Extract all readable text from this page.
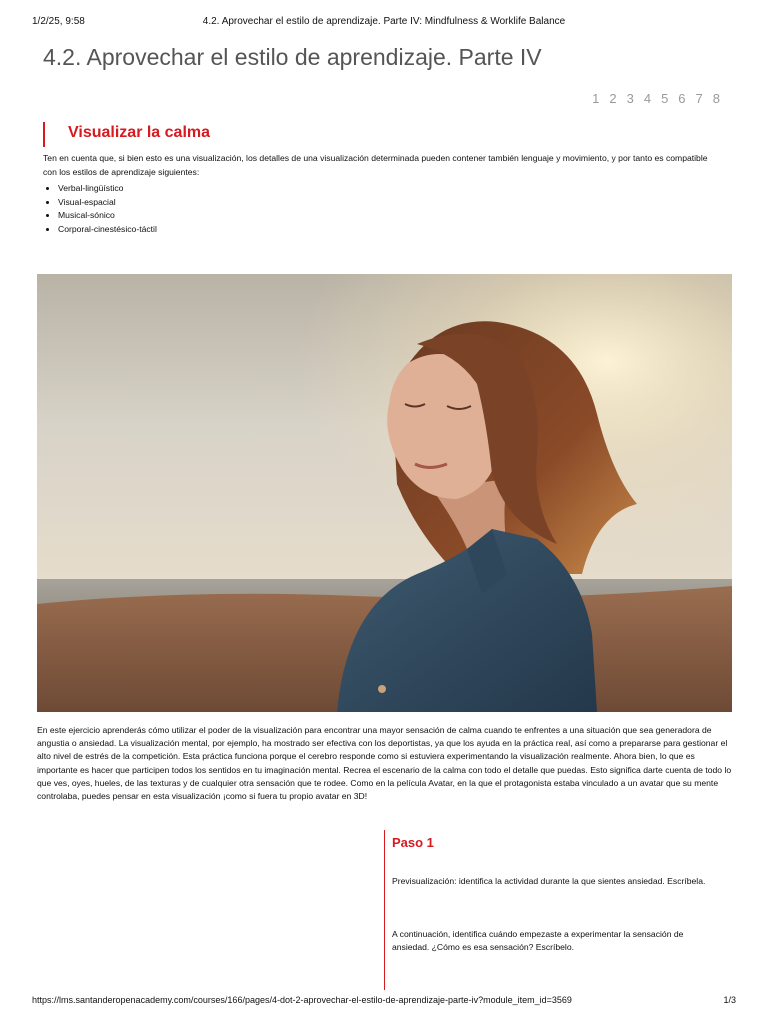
1/2/25, 9:58	4.2. Aprovechar el estilo de aprendizaje. Parte IV: Mindfulness & Worklife Balance
4.2. Aprovechar el estilo de aprendizaje. Parte IV
1 2 3 4 5 6 7 8
Visualizar la calma

Ten en cuenta que, si bien esto es una visualización, los detalles de una visualización determinada pueden contener también lenguaje y movimiento, y por tanto es compatible con los estilos de aprendizaje siguientes:

• Verbal-lingüístico
• Visual-espacial
• Musical-sónico
• Corporal-cinestésico-táctil

En este ejercicio aprenderás cómo utilizar el poder de la visualización para encontrar una mayor sensación de calma cuando te enfrentes a una situación que sea generadora de angustia o ansiedad. La visualización mental, por ejemplo, ha mostrado ser efectiva con los deportistas, ya que los ayuda en la práctica real, así como a prepararse para gestionar el alto nivel de estrés de la competición. Esta práctica funciona porque el cerebro responde como si estuviera experimentando la visualización realmente. Ahora bien, lo que es importante es hacer que participen todos los sentidos en tu imaginación mental. Recrea el escenario de la calma con todo el detalle que puedas. Esto significa darte cuenta de todo lo que ves, oyes, hueles, de las texturas y de cualquier otra sensación que te rodee. Como en la película Avatar, en la que el protagonista estaba vinculado a un avatar que su mente controlaba, puedes pensar en esta visualización ¡como si fuera tu propio avatar en 3D!

Paso 1

Previsualización: identifica la actividad durante la que sientes ansiedad. Escríbela.

A continuación, identifica cuándo empezaste a experimentar la sensación de ansiedad. ¿Cómo es esa sensación? Escríbelo.

https://lms.santanderopenacademy.com/courses/166/pages/4-dot-2-aprovechar-el-estilo-de-aprendizaje-parte-iv?module_item_id=3569	1/3
